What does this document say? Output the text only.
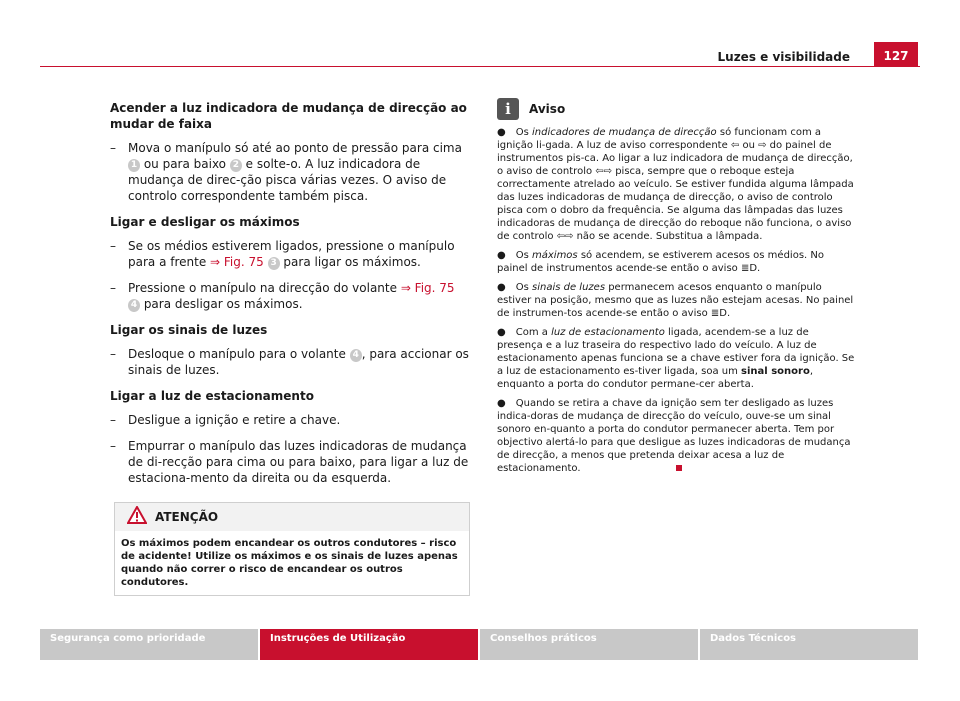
Luzes e visibilidade	127
Acender a luz indicadora de mudança de direcção ao mudar de faixa
– Mova o manípulo só até ao ponto de pressão para cima 1 ou para baixo 2 e solte-o. A luz indicadora de mudança de direc-ção pisca várias vezes. O aviso de controlo correspondente também pisca.
Ligar e desligar os máximos
– Se os médios estiverem ligados, pressione o manípulo para a frente ⇒ Fig. 75 3 para ligar os máximos.
– Pressione o manípulo na direcção do volante ⇒ Fig. 75 4 para desligar os máximos.
Ligar os sinais de luzes
– Desloque o manípulo para o volante 4 , para accionar os sinais de luzes.
Ligar a luz de estacionamento
– Desligue a ignição e retire a chave.
– Empurrar o manípulo das luzes indicadoras de mudança de di-recção para cima ou para baixo, para ligar a luz de estaciona-mento da direita ou da esquerda.
ATENÇÃO
Os máximos podem encandear os outros condutores – risco de acidente! Utilize os máximos e os sinais de luzes apenas quando não correr o risco de encandear os outros condutores.
i	Aviso

● Os indicadores de mudança de direcção só funcionam com a ignição li-gada. A luz de aviso correspondente ⇦ ou ⇨ do painel de instrumentos pis-ca. Ao ligar a luz indicadora de mudança de direcção, o aviso de controlo ⇦⇨ pisca, sempre que o reboque esteja correctamente atrelado ao veículo. Se estiver fundida alguma lâmpada das luzes indicadoras de mudança de direcção, o aviso de controlo pisca com o dobro da frequência. Se alguma das lâmpadas das luzes indicadoras de mudança de direcção do reboque não funciona, o aviso de controlo ⇦⇨ não se acende. Substitua a lâmpada.

● Os máximos só acendem, se estiverem acesos os médios. No painel de instrumentos acende-se então o aviso ≣D.

● Os sinais de luzes permanecem acesos enquanto o manípulo estiver na posição, mesmo que as luzes não estejam acesas. No painel de instrumen-tos acende-se então o aviso ≣D.

● Com a luz de estacionamento ligada, acendem-se a luz de presença e a luz traseira do respectivo lado do veículo. A luz de estacionamento apenas funciona se a chave estiver fora da ignição. Se a luz de estacionamento es-tiver ligada, soa um sinal sonoro, enquanto a porta do condutor permane-cer aberta.

● Quando se retira a chave da ignição sem ter desligado as luzes indica-doras de mudança de direcção do veículo, ouve-se um sinal sonoro en-quanto a porta do condutor permanecer aberta. Tem por objectivo alertá-lo para que desligue as luzes indicadoras de mudança de direcção, a menos que pretenda deixar acesa a luz de estacionamento.

Segurança como prioridade	Instruções de Utilização	Conselhos práticos	Dados Técnicos
